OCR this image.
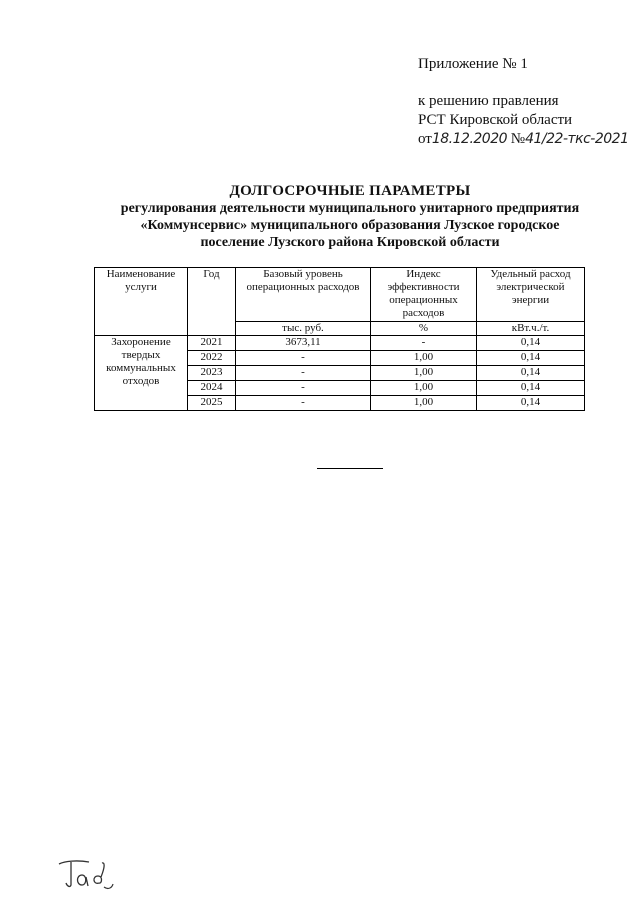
Приложение № 1
к решению правления
РСТ Кировской области
от18.12.2020 №41/22-ткс-2021
ДОЛГОСРОЧНЫЕ ПАРАМЕТРЫ
регулирования деятельности муниципального унитарного предприятия
«Коммунсервис» муниципального образования Лузское городское
поселение Лузского района Кировской области
Наименование услуги	Год	Базовый уровень операционных расходов	Индекс эффективности операционных расходов	Удельный расход электрической энергии
		тыс. руб.	%	кВт.ч./т.
Захоронение твердых коммунальных отходов	2021	3673,11	-	0,14
	2022	-	1,00	0,14
	2023	-	1,00	0,14
	2024	-	1,00	0,14
	2025	-	1,00	0,14
